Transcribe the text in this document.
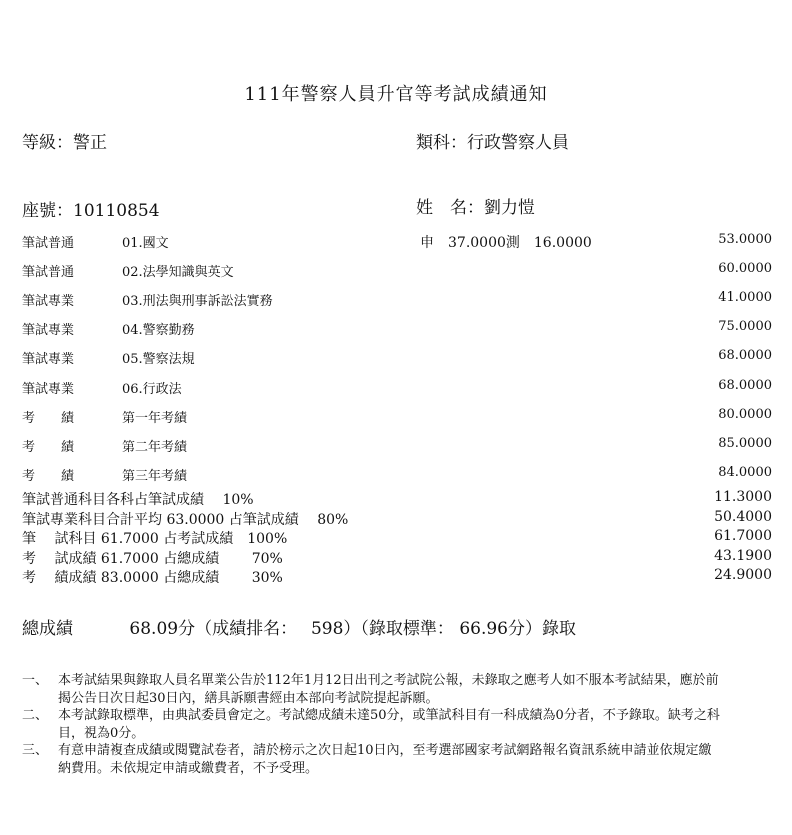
111年警察人員升官等考試成績通知
等級：警正	類科：行政警察人員
座號：10110854	姓　名：劉力愷
筆試普通	01.國文	申　37.0000測　16.0000	53.0000
筆試普通	02.法學知識與英文	60.0000
筆試專業	03.刑法與刑事訴訟法實務	41.0000
筆試專業	04.警察勤務	75.0000
筆試專業	05.警察法規	68.0000
筆試專業	06.行政法	68.0000
考　　績	第一年考績	80.0000
考　　績	第二年考績	85.0000
考　　績	第三年考績	84.0000
筆試普通科目各科占筆試成績　 10%	11.3000
筆試專業科目合計平均 63.0000 占筆試成績　 80%	50.4000
筆　 試科目 61.7000 占考試成績　100%	61.7000
考　 試成績 61.7000 占總成績　　 70%	43.1900
考　 績成績 83.0000 占總成績　　 30%	24.9000
總成績　　　 68.09分（成績排名：　 598）（錄取標準： 66.96分）錄取
一、 本考試結果與錄取人員名單業公告於112年1月12日出刊之考試院公報，未錄取之應考人如不服本考試結果，應於前揭公告日次日起30日內，繕具訴願書經由本部向考試院提起訴願。
二、 本考試錄取標準，由典試委員會定之。考試總成績未達50分，或筆試科目有一科成績為0分者，不予錄取。缺考之科目，視為0分。
三、 有意申請複查成績或閱覽試卷者，請於榜示之次日起10日內，至考選部國家考試網路報名資訊系統申請並依規定繳納費用。未依規定申請或繳費者，不予受理。
